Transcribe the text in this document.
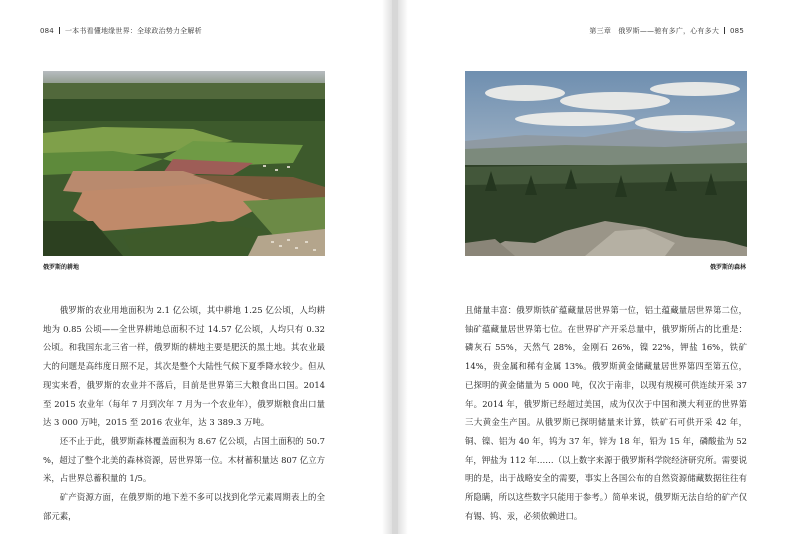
084 一本书看懂地缘世界：全球政治势力全解析
俄罗斯的耕地

俄罗斯的农业用地面积为 2.1 亿公顷，其中耕地 1.25 亿公顷，人均耕地为 0.85 公顷——全世界耕地总面积不过 14.57 亿公顷，人均只有 0.32 公顷。和我国东北三省一样，俄罗斯的耕地主要是肥沃的黑土地。其农业最大的问题是高纬度日照不足，其次是整个大陆性气候下夏季降水较少。但从现实来看，俄罗斯的农业并不落后，目前是世界第三大粮食出口国。2014 至 2015 农业年（每年 7 月到次年 7 月为一个农业年），俄罗斯粮食出口量达 3 000 万吨，2015 至 2016 农业年，达 3 389.3 万吨。

还不止于此，俄罗斯森林覆盖面积为 8.67 亿公顷，占国土面积的 50.7 %，超过了整个北美的森林资源，居世界第一位。木材蓄积量达 807 亿立方米，占世界总蓄积量的 1/5。

矿产资源方面，在俄罗斯的地下差不多可以找到化学元素周期表上的全部元素，

第三章　俄罗斯——驰有多广，心有多大 085
俄罗斯的森林

且储量丰富：俄罗斯铁矿蕴藏量居世界第一位，铝土蕴藏量居世界第二位，铀矿蕴藏量居世界第七位。在世界矿产开采总量中，俄罗斯所占的比重是：磷灰石 55%，天然气 28%，金刚石 26%，镍 22%，钾盐 16%，铁矿 14%，贵金属和稀有金属 13%。俄罗斯黄金储藏量居世界第四至第五位，已探明的黄金储量为 5 000 吨，仅次于南非，以现有规模可供连续开采 37 年。2014 年，俄罗斯已经超过美国，成为仅次于中国和澳大利亚的世界第三大黄金生产国。从俄罗斯已探明储量来计算，铁矿石可供开采 42 年，铜、镍、铝为 40 年，钨为 37 年，锌为 18 年，铅为 15 年，磷酸盐为 52 年，钾盐为 112 年……（以上数字来源于俄罗斯科学院经济研究所。需要说明的是，出于战略安全的需要，事实上各国公布的自然资源储藏数据往往有所隐瞒，所以这些数字只能用于参考。）简单来说，俄罗斯无法自给的矿产仅有锡、钨、汞，必须依赖进口。
